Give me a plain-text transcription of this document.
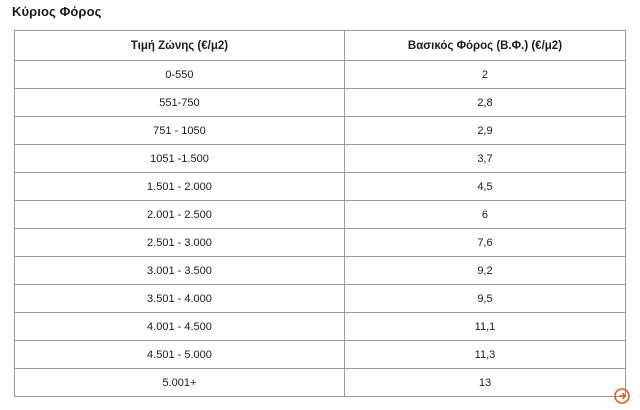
Κύριος Φόρος
Τιμή Ζώνης (€/μ2)	Βασικός Φόρος (Β.Φ.) (€/μ2)
0-550	2
551-750	2,8
751 - 1050	2,9
1051 -1.500	3,7
1.501 - 2.000	4,5
2.001 - 2.500	6
2.501 - 3.000	7,6
3.001 - 3.500	9,2
3.501 - 4.000	9,5
4.001 - 4.500	11,1
4.501 - 5.000	11,3
5.001+	13
